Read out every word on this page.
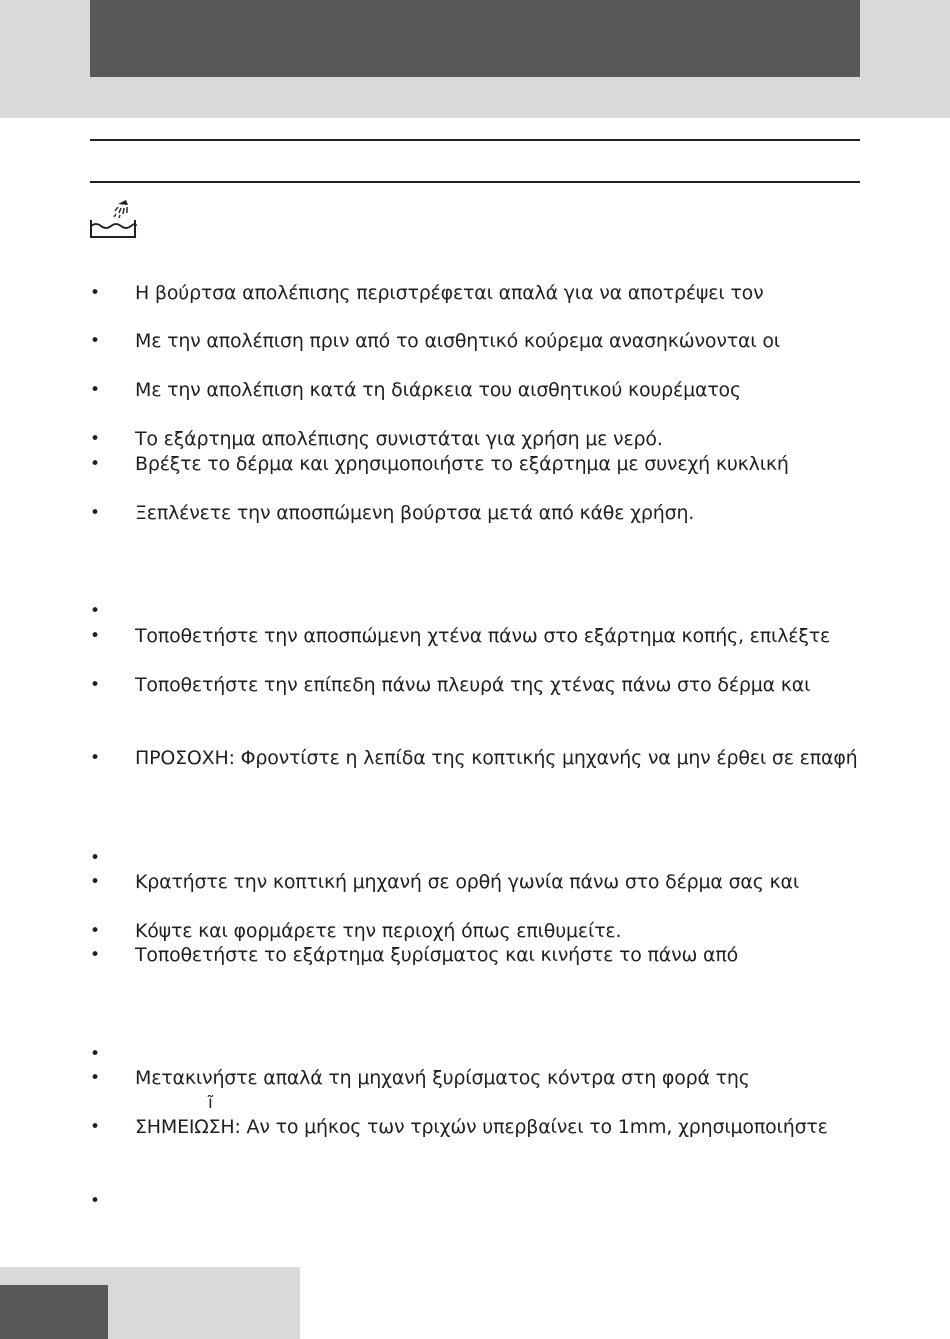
• Η βούρτσα απολέπισης περιστρέφεται απαλά για να αποτρέψει τον
• Με την απολέπιση πριν από το αισθητικό κούρεμα ανασηκώνονται οι
• Με την απολέπιση κατά τη διάρκεια του αισθητικού κουρέματος
• Το εξάρτημα απολέπισης συνιστάται για χρήση με νερό.
• Βρέξτε το δέρμα και χρησιμοποιήστε το εξάρτημα με συνεχή κυκλική
• Ξεπλένετε την αποσπώμενη βούρτσα μετά από κάθε χρήση.
•
• Τοποθετήστε την αποσπώμενη χτένα πάνω στο εξάρτημα κοπής, επιλέξτε
• Τοποθετήστε την επίπεδη πάνω πλευρά της χτένας πάνω στο δέρμα και
• ΠΡΟΣΟΧΗ: Φροντίστε η λεπίδα της κοπτικής μηχανής να μην έρθει σε επαφή
•
• Κρατήστε την κοπτική μηχανή σε ορθή γωνία πάνω στο δέρμα σας και
• Κόψτε και φορμάρετε την περιοχή όπως επιθυμείτε.
• Τοποθετήστε το εξάρτημα ξυρίσματος και κινήστε το πάνω από
•
• Μετακινήστε απαλά τη μηχανή ξυρίσματος κόντρα στη φορά της
ĩ
• ΣΗΜΕΙΩΣΗ: Αν το μήκος των τριχών υπερβαίνει το 1mm, χρησιμοποιήστε
•
